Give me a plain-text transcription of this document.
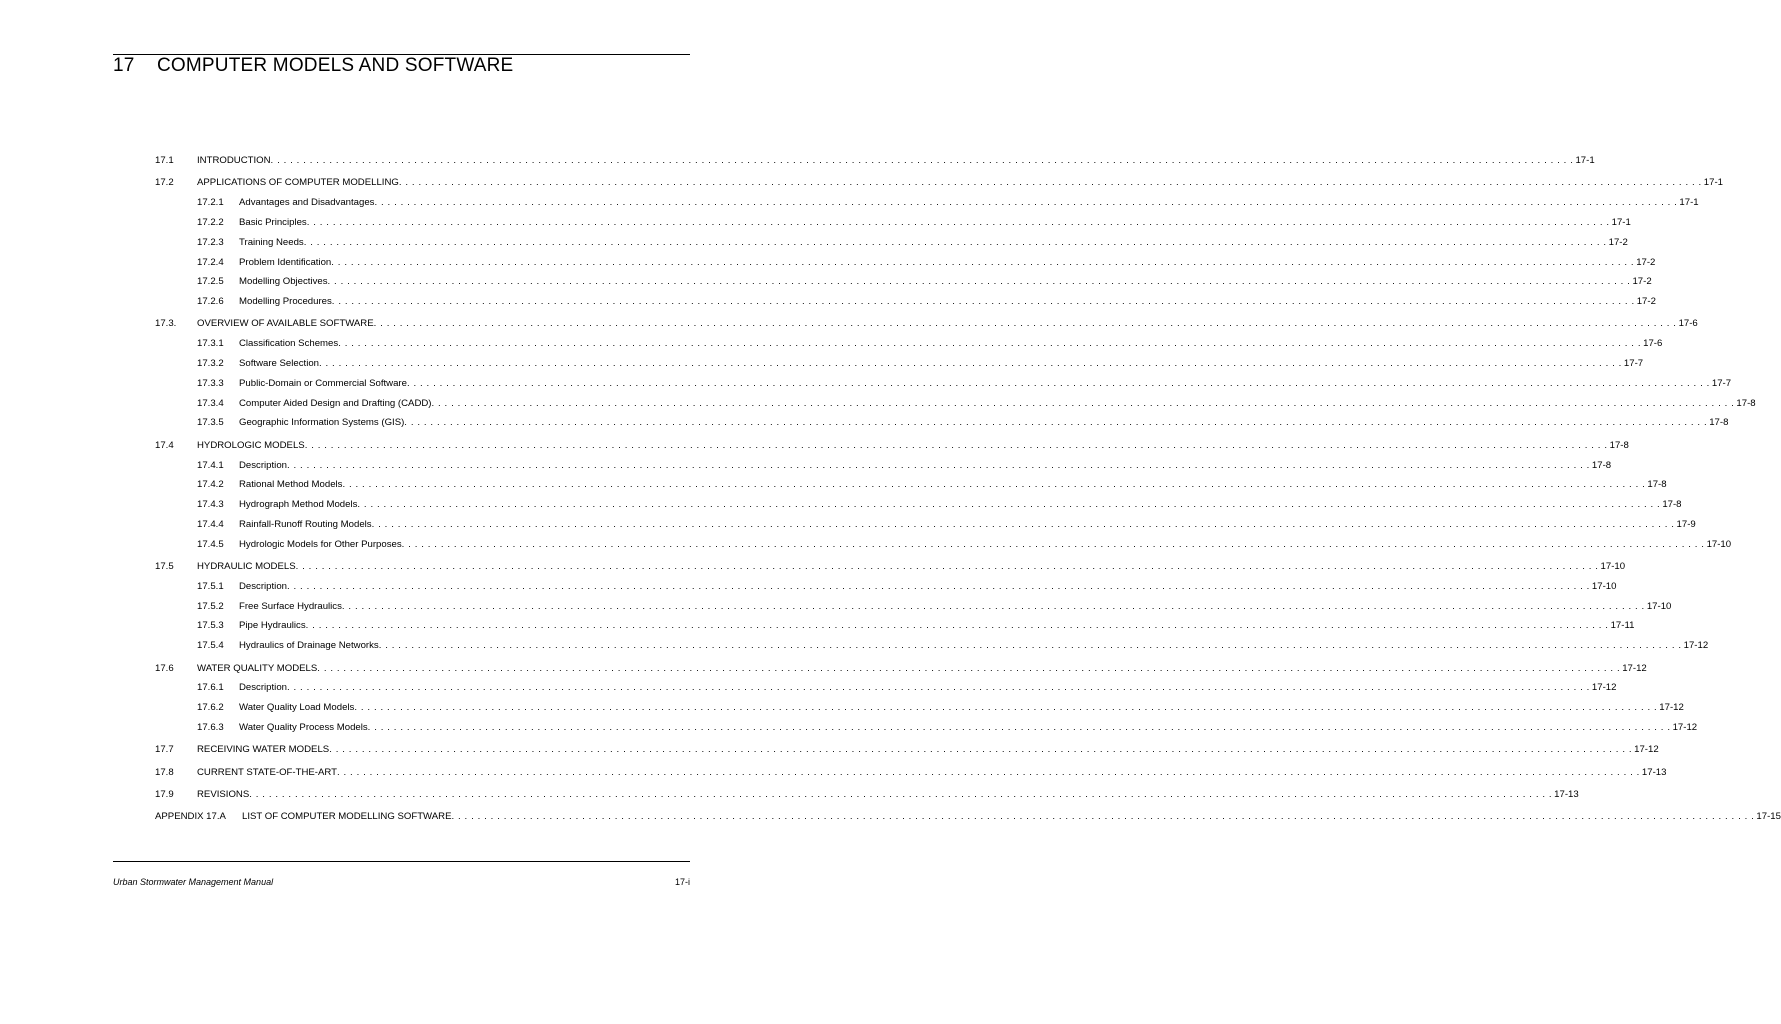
17 COMPUTER MODELS AND SOFTWARE
17.1	INTRODUCTION . . . . . . . . . . . . . . . . . . . . . . . . . . . . . . . . . . . . . . . . . . . . . . . . . . . . . . . . . . . . . . . . . . . . . . . . . . . . . . . . . . . . . . . . . . . . . . . . . . . . . . . . . . . . . . . . . . . . . . . . . . . . . . . . . . . . . . . . . . . . . . . . . . . . . . . . . . . . . . . . . . . . . . . . . . . . . . . . . . . . . . . . . . . . . . . . . . . . . . . . 17-1
17.2	APPLICATIONS OF COMPUTER MODELLING . . . . . . . . . . . . . . . . . . . . . . . . . . . . . . . . . . . . . . . . . . . . . . . . . . . . . . . . . . . . . . . . . . . . . . . . . . . . . . . . . . . . . . . . . . . . . . . . . . . . . . . . . . . . . . . . . . . . . . . . . . . . . . . . . . . . . . . . . . . . . . . . . . . . . . . . . . . . . . . . . . . . . . . . . . . . . . . . . . . . . . . . . . . . . . . . . . . . . . . . 17-1
17.2.1	Advantages and Disadvantages . . . . . . . . . . . . . . . . . . . . . . . . . . . . . . . . . . . . . . . . . . . . . . . . . . . . . . . . . . . . . . . . . . . . . . . . . . . . . . . . . . . . . . . . . . . . . . . . . . . . . . . . . . . . . . . . . . . . . . . . . . . . . . . . . . . . . . . . . . . . . . . . . . . . . . . . . . . . . . . . . . . . . . . . . . . . . . . . . . . . . . . . . . . . . . . . . . . . . . . . 17-1
17.2.2	Basic Principles . . . . . . . . . . . . . . . . . . . . . . . . . . . . . . . . . . . . . . . . . . . . . . . . . . . . . . . . . . . . . . . . . . . . . . . . . . . . . . . . . . . . . . . . . . . . . . . . . . . . . . . . . . . . . . . . . . . . . . . . . . . . . . . . . . . . . . . . . . . . . . . . . . . . . . . . . . . . . . . . . . . . . . . . . . . . . . . . . . . . . . . . . . . . . . . . . . . . . . . . 17-1
17.2.3	Training Needs . . . . . . . . . . . . . . . . . . . . . . . . . . . . . . . . . . . . . . . . . . . . . . . . . . . . . . . . . . . . . . . . . . . . . . . . . . . . . . . . . . . . . . . . . . . . . . . . . . . . . . . . . . . . . . . . . . . . . . . . . . . . . . . . . . . . . . . . . . . . . . . . . . . . . . . . . . . . . . . . . . . . . . . . . . . . . . . . . . . . . . . . . . . . . . . . . . . . . . . . 17-2
17.2.4	Problem Identification . . . . . . . . . . . . . . . . . . . . . . . . . . . . . . . . . . . . . . . . . . . . . . . . . . . . . . . . . . . . . . . . . . . . . . . . . . . . . . . . . . . . . . . . . . . . . . . . . . . . . . . . . . . . . . . . . . . . . . . . . . . . . . . . . . . . . . . . . . . . . . . . . . . . . . . . . . . . . . . . . . . . . . . . . . . . . . . . . . . . . . . . . . . . . . . . . . . . . . . . 17-2
17.2.5	Modelling Objectives . . . . . . . . . . . . . . . . . . . . . . . . . . . . . . . . . . . . . . . . . . . . . . . . . . . . . . . . . . . . . . . . . . . . . . . . . . . . . . . . . . . . . . . . . . . . . . . . . . . . . . . . . . . . . . . . . . . . . . . . . . . . . . . . . . . . . . . . . . . . . . . . . . . . . . . . . . . . . . . . . . . . . . . . . . . . . . . . . . . . . . . . . . . . . . . . . . . . . . . . 17-2
17.2.6	Modelling Procedures . . . . . . . . . . . . . . . . . . . . . . . . . . . . . . . . . . . . . . . . . . . . . . . . . . . . . . . . . . . . . . . . . . . . . . . . . . . . . . . . . . . . . . . . . . . . . . . . . . . . . . . . . . . . . . . . . . . . . . . . . . . . . . . . . . . . . . . . . . . . . . . . . . . . . . . . . . . . . . . . . . . . . . . . . . . . . . . . . . . . . . . . . . . . . . . . . . . . . . . . 17-2
17.3.	OVERVIEW OF AVAILABLE SOFTWARE . . . . . . . . . . . . . . . . . . . . . . . . . . . . . . . . . . . . . . . . . . . . . . . . . . . . . . . . . . . . . . . . . . . . . . . . . . . . . . . . . . . . . . . . . . . . . . . . . . . . . . . . . . . . . . . . . . . . . . . . . . . . . . . . . . . . . . . . . . . . . . . . . . . . . . . . . . . . . . . . . . . . . . . . . . . . . . . . . . . . . . . . . . . . . . . . . . . . . . . . 17-6
17.3.1	Classification Schemes . . . . . . . . . . . . . . . . . . . . . . . . . . . . . . . . . . . . . . . . . . . . . . . . . . . . . . . . . . . . . . . . . . . . . . . . . . . . . . . . . . . . . . . . . . . . . . . . . . . . . . . . . . . . . . . . . . . . . . . . . . . . . . . . . . . . . . . . . . . . . . . . . . . . . . . . . . . . . . . . . . . . . . . . . . . . . . . . . . . . . . . . . . . . . . . . . . . . . . . . 17-6
17.3.2	Software Selection . . . . . . . . . . . . . . . . . . . . . . . . . . . . . . . . . . . . . . . . . . . . . . . . . . . . . . . . . . . . . . . . . . . . . . . . . . . . . . . . . . . . . . . . . . . . . . . . . . . . . . . . . . . . . . . . . . . . . . . . . . . . . . . . . . . . . . . . . . . . . . . . . . . . . . . . . . . . . . . . . . . . . . . . . . . . . . . . . . . . . . . . . . . . . . . . . . . . . . . . 17-7
17.3.3	Public-Domain or Commercial Software . . . . . . . . . . . . . . . . . . . . . . . . . . . . . . . . . . . . . . . . . . . . . . . . . . . . . . . . . . . . . . . . . . . . . . . . . . . . . . . . . . . . . . . . . . . . . . . . . . . . . . . . . . . . . . . . . . . . . . . . . . . . . . . . . . . . . . . . . . . . . . . . . . . . . . . . . . . . . . . . . . . . . . . . . . . . . . . . . . . . . . . . . . . . . . . . . . . . . . . . 17-7
17.3.4	Computer Aided Design and Drafting (CADD) . . . . . . . . . . . . . . . . . . . . . . . . . . . . . . . . . . . . . . . . . . . . . . . . . . . . . . . . . . . . . . . . . . . . . . . . . . . . . . . . . . . . . . . . . . . . . . . . . . . . . . . . . . . . . . . . . . . . . . . . . . . . . . . . . . . . . . . . . . . . . . . . . . . . . . . . . . . . . . . . . . . . . . . . . . . . . . . . . . . . . . . . . . . . . . . . . . . . . . . . 17-8
17.3.5	Geographic Information Systems (GIS) . . . . . . . . . . . . . . . . . . . . . . . . . . . . . . . . . . . . . . . . . . . . . . . . . . . . . . . . . . . . . . . . . . . . . . . . . . . . . . . . . . . . . . . . . . . . . . . . . . . . . . . . . . . . . . . . . . . . . . . . . . . . . . . . . . . . . . . . . . . . . . . . . . . . . . . . . . . . . . . . . . . . . . . . . . . . . . . . . . . . . . . . . . . . . . . . . . . . . . . . 17-8
17.4	HYDROLOGIC MODELS . . . . . . . . . . . . . . . . . . . . . . . . . . . . . . . . . . . . . . . . . . . . . . . . . . . . . . . . . . . . . . . . . . . . . . . . . . . . . . . . . . . . . . . . . . . . . . . . . . . . . . . . . . . . . . . . . . . . . . . . . . . . . . . . . . . . . . . . . . . . . . . . . . . . . . . . . . . . . . . . . . . . . . . . . . . . . . . . . . . . . . . . . . . . . . . . . . . . . . . . 17-8
17.4.1	Description . . . . . . . . . . . . . . . . . . . . . . . . . . . . . . . . . . . . . . . . . . . . . . . . . . . . . . . . . . . . . . . . . . . . . . . . . . . . . . . . . . . . . . . . . . . . . . . . . . . . . . . . . . . . . . . . . . . . . . . . . . . . . . . . . . . . . . . . . . . . . . . . . . . . . . . . . . . . . . . . . . . . . . . . . . . . . . . . . . . . . . . . . . . . . . . . . . . . . . . . 17-8
17.4.2	Rational Method Models . . . . . . . . . . . . . . . . . . . . . . . . . . . . . . . . . . . . . . . . . . . . . . . . . . . . . . . . . . . . . . . . . . . . . . . . . . . . . . . . . . . . . . . . . . . . . . . . . . . . . . . . . . . . . . . . . . . . . . . . . . . . . . . . . . . . . . . . . . . . . . . . . . . . . . . . . . . . . . . . . . . . . . . . . . . . . . . . . . . . . . . . . . . . . . . . . . . . . . . . 17-8
17.4.3	Hydrograph Method Models . . . . . . . . . . . . . . . . . . . . . . . . . . . . . . . . . . . . . . . . . . . . . . . . . . . . . . . . . . . . . . . . . . . . . . . . . . . . . . . . . . . . . . . . . . . . . . . . . . . . . . . . . . . . . . . . . . . . . . . . . . . . . . . . . . . . . . . . . . . . . . . . . . . . . . . . . . . . . . . . . . . . . . . . . . . . . . . . . . . . . . . . . . . . . . . . . . . . . . . . 17-8
17.4.4	Rainfall-Runoff Routing Models . . . . . . . . . . . . . . . . . . . . . . . . . . . . . . . . . . . . . . . . . . . . . . . . . . . . . . . . . . . . . . . . . . . . . . . . . . . . . . . . . . . . . . . . . . . . . . . . . . . . . . . . . . . . . . . . . . . . . . . . . . . . . . . . . . . . . . . . . . . . . . . . . . . . . . . . . . . . . . . . . . . . . . . . . . . . . . . . . . . . . . . . . . . . . . . . . . . . . . . . 17-9
17.4.5	Hydrologic Models for Other Purposes . . . . . . . . . . . . . . . . . . . . . . . . . . . . . . . . . . . . . . . . . . . . . . . . . . . . . . . . . . . . . . . . . . . . . . . . . . . . . . . . . . . . . . . . . . . . . . . . . . . . . . . . . . . . . . . . . . . . . . . . . . . . . . . . . . . . . . . . . . . . . . . . . . . . . . . . . . . . . . . . . . . . . . . . . . . . . . . . . . . . . . . . . . . . . . . . . . . . . . . . 17-10
17.5	HYDRAULIC MODELS . . . . . . . . . . . . . . . . . . . . . . . . . . . . . . . . . . . . . . . . . . . . . . . . . . . . . . . . . . . . . . . . . . . . . . . . . . . . . . . . . . . . . . . . . . . . . . . . . . . . . . . . . . . . . . . . . . . . . . . . . . . . . . . . . . . . . . . . . . . . . . . . . . . . . . . . . . . . . . . . . . . . . . . . . . . . . . . . . . . . . . . . . . . . . . . . . . . . . . . . 17-10
17.5.1	Description . . . . . . . . . . . . . . . . . . . . . . . . . . . . . . . . . . . . . . . . . . . . . . . . . . . . . . . . . . . . . . . . . . . . . . . . . . . . . . . . . . . . . . . . . . . . . . . . . . . . . . . . . . . . . . . . . . . . . . . . . . . . . . . . . . . . . . . . . . . . . . . . . . . . . . . . . . . . . . . . . . . . . . . . . . . . . . . . . . . . . . . . . . . . . . . . . . . . . . . . 17-10
17.5.2	Free Surface Hydraulics . . . . . . . . . . . . . . . . . . . . . . . . . . . . . . . . . . . . . . . . . . . . . . . . . . . . . . . . . . . . . . . . . . . . . . . . . . . . . . . . . . . . . . . . . . . . . . . . . . . . . . . . . . . . . . . . . . . . . . . . . . . . . . . . . . . . . . . . . . . . . . . . . . . . . . . . . . . . . . . . . . . . . . . . . . . . . . . . . . . . . . . . . . . . . . . . . . . . . . . . 17-10
17.5.3	Pipe Hydraulics . . . . . . . . . . . . . . . . . . . . . . . . . . . . . . . . . . . . . . . . . . . . . . . . . . . . . . . . . . . . . . . . . . . . . . . . . . . . . . . . . . . . . . . . . . . . . . . . . . . . . . . . . . . . . . . . . . . . . . . . . . . . . . . . . . . . . . . . . . . . . . . . . . . . . . . . . . . . . . . . . . . . . . . . . . . . . . . . . . . . . . . . . . . . . . . . . . . . . . . . 17-11
17.5.4	Hydraulics of Drainage Networks . . . . . . . . . . . . . . . . . . . . . . . . . . . . . . . . . . . . . . . . . . . . . . . . . . . . . . . . . . . . . . . . . . . . . . . . . . . . . . . . . . . . . . . . . . . . . . . . . . . . . . . . . . . . . . . . . . . . . . . . . . . . . . . . . . . . . . . . . . . . . . . . . . . . . . . . . . . . . . . . . . . . . . . . . . . . . . . . . . . . . . . . . . . . . . . . . . . . . . . . 17-12
17.6	WATER QUALITY MODELS . . . . . . . . . . . . . . . . . . . . . . . . . . . . . . . . . . . . . . . . . . . . . . . . . . . . . . . . . . . . . . . . . . . . . . . . . . . . . . . . . . . . . . . . . . . . . . . . . . . . . . . . . . . . . . . . . . . . . . . . . . . . . . . . . . . . . . . . . . . . . . . . . . . . . . . . . . . . . . . . . . . . . . . . . . . . . . . . . . . . . . . . . . . . . . . . . . . . . . . . 17-12
17.6.1	Description . . . . . . . . . . . . . . . . . . . . . . . . . . . . . . . . . . . . . . . . . . . . . . . . . . . . . . . . . . . . . . . . . . . . . . . . . . . . . . . . . . . . . . . . . . . . . . . . . . . . . . . . . . . . . . . . . . . . . . . . . . . . . . . . . . . . . . . . . . . . . . . . . . . . . . . . . . . . . . . . . . . . . . . . . . . . . . . . . . . . . . . . . . . . . . . . . . . . . . . . 17-12
17.6.2	Water Quality Load Models . . . . . . . . . . . . . . . . . . . . . . . . . . . . . . . . . . . . . . . . . . . . . . . . . . . . . . . . . . . . . . . . . . . . . . . . . . . . . . . . . . . . . . . . . . . . . . . . . . . . . . . . . . . . . . . . . . . . . . . . . . . . . . . . . . . . . . . . . . . . . . . . . . . . . . . . . . . . . . . . . . . . . . . . . . . . . . . . . . . . . . . . . . . . . . . . . . . . . . . . 17-12
17.6.3	Water Quality Process Models . . . . . . . . . . . . . . . . . . . . . . . . . . . . . . . . . . . . . . . . . . . . . . . . . . . . . . . . . . . . . . . . . . . . . . . . . . . . . . . . . . . . . . . . . . . . . . . . . . . . . . . . . . . . . . . . . . . . . . . . . . . . . . . . . . . . . . . . . . . . . . . . . . . . . . . . . . . . . . . . . . . . . . . . . . . . . . . . . . . . . . . . . . . . . . . . . . . . . . . . 17-12
17.7	RECEIVING WATER MODELS . . . . . . . . . . . . . . . . . . . . . . . . . . . . . . . . . . . . . . . . . . . . . . . . . . . . . . . . . . . . . . . . . . . . . . . . . . . . . . . . . . . . . . . . . . . . . . . . . . . . . . . . . . . . . . . . . . . . . . . . . . . . . . . . . . . . . . . . . . . . . . . . . . . . . . . . . . . . . . . . . . . . . . . . . . . . . . . . . . . . . . . . . . . . . . . . . . . . . . . . 17-12
17.8	CURRENT STATE-OF-THE-ART . . . . . . . . . . . . . . . . . . . . . . . . . . . . . . . . . . . . . . . . . . . . . . . . . . . . . . . . . . . . . . . . . . . . . . . . . . . . . . . . . . . . . . . . . . . . . . . . . . . . . . . . . . . . . . . . . . . . . . . . . . . . . . . . . . . . . . . . . . . . . . . . . . . . . . . . . . . . . . . . . . . . . . . . . . . . . . . . . . . . . . . . . . . . . . . . . . . . . . . . 17-13
17.9	REVISIONS . . . . . . . . . . . . . . . . . . . . . . . . . . . . . . . . . . . . . . . . . . . . . . . . . . . . . . . . . . . . . . . . . . . . . . . . . . . . . . . . . . . . . . . . . . . . . . . . . . . . . . . . . . . . . . . . . . . . . . . . . . . . . . . . . . . . . . . . . . . . . . . . . . . . . . . . . . . . . . . . . . . . . . . . . . . . . . . . . . . . . . . . . . . . . . . . . . . . . . . . 17-13
APPENDIX 17.A	LIST OF COMPUTER MODELLING SOFTWARE . . . . . . . . . . . . . . . . . . . . . . . . . . . . . . . . . . . . . . . . . . . . . . . . . . . . . . . . . . . . . . . . . . . . . . . . . . . . . . . . . . . . . . . . . . . . . . . . . . . . . . . . . . . . . . . . . . . . . . . . . . . . . . . . . . . . . . . . . . . . . . . . . . . . . . . . . . . . . . . . . . . . . . . . . . . . . . . . . . . . . . . . . . . . . . . . . . . . . . . . 17-15
Urban Stormwater Management Manual	17-i
